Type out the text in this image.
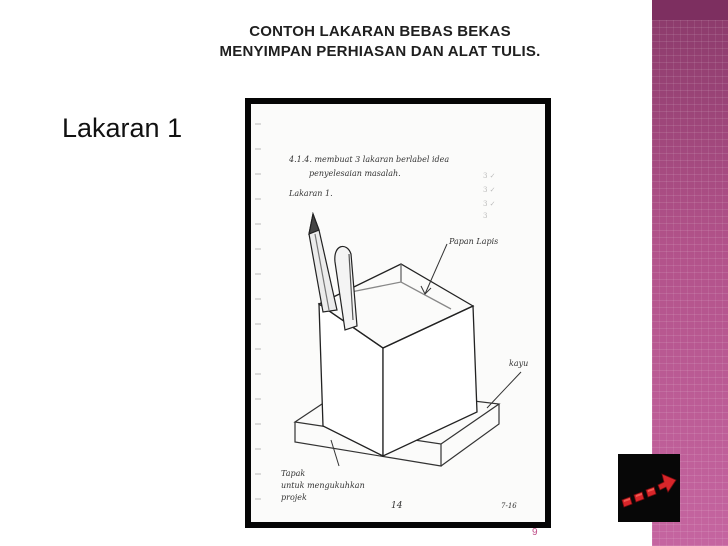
CONTOH LAKARAN BEBAS BEKAS
MENYIMPAN PERHIASAN DAN ALAT TULIS.
Lakaran 1
4.1.4. membuat 3 lakaran berlabel idea
penyelesaian masalah.
Lakaran 1.
3 ✓
3 ✓
3 ✓
3
Papan Lapis
kayu
Tapak
untuk mengukuhkan
projek
14	7-16
9
